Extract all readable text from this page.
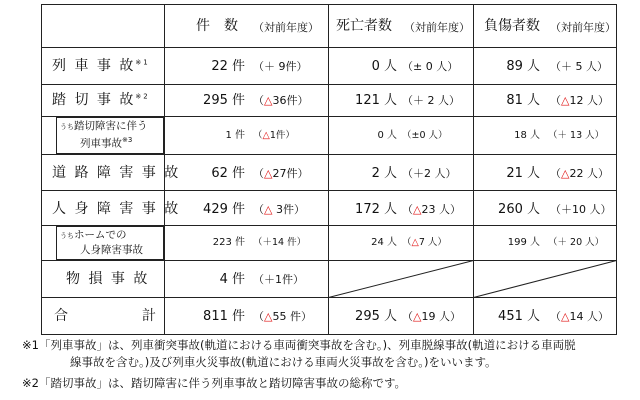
件　数 （対前年度） 死亡者数 （対前年度） 負傷者数 （対前年度）
列 車 事 故$^{※1}$	22 件 （＋ 9件）	0 人 （± 0 人）	89 人 （＋ 5 人）
踏 切 事 故$^{※2}$	295 件 （△36件）	121 人 （＋ 2 人）	81 人 （△12 人）
うち踏切障害に伴う
列車事故$^{※3}$	1 件 （△1件）	0 人 （±0 人）	18 人 （＋ 13 人）
道 路 障 害 事 故	62 件 （△27件）	2 人 （＋2 人）	21 人 （△22 人）
人 身 障 害 事 故	429 件 （△ 3件）	172 人 （△23 人）	260 人 （＋10 人）
うちホームでの
人身障害事故
223 件 （＋14 件）	24 人 （△7 人）	199 人 （＋ 20 人）
物 損 事 故	4 件 （＋1件）
合	計	811 件 （△55 件）	295 人 （△19 人）	451 人 （△14 人）
※1「列車事故」は、列車衝突事故(軌道における車両衝突事故を含む。)、列車脱線事故(軌道における車両脱
線事故を含む。)及び列車火災事故(軌道における車両火災事故を含む。)をいいます。
※2「踏切事故」は、踏切障害に伴う列車事故と踏切障害事故の総称です。
